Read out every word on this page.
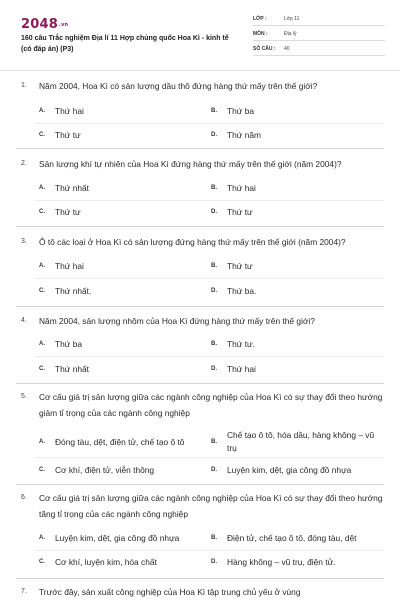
2048.vn
160 câu Trắc nghiệm Địa lí 11 Hợp chủng quốc Hoa Kì - kinh tế (có đáp án) (P3)
LỚP :	Lớp 11
MÔN :	Địa lý
SỐ CÂU : 40
1. Năm 2004, Hoa Kì có sản lượng dầu thô đứng hàng thứ mấy trên thế giới?
A. Thứ hai	B. Thứ ba
C. Thứ tư	D. Thứ năm
2. Sản lượng khí tự nhiên của Hoa Kì đứng hàng thứ mấy trên thế giới (năm 2004)?
A. Thứ nhất	B. Thứ hai
C. Thứ tư	D. Thứ tư
3. Ô tô các loại ở Hoa Kì có sản lượng đứng hàng thứ mấy trên thế giới (năm 2004)?
A. Thứ hai	B. Thứ tư
C. Thứ nhất.	D. Thứ ba.
4. Năm 2004, sản lượng nhôm của Hoa Kì đứng hàng thứ mấy trên thế giới?
A. Thứ ba	B. Thứ tư.
C. Thứ nhất	D. Thứ hai
5. Cơ cấu giá trị sản lượng giữa các ngành công nghiệp của Hoa Kì có sự thay đổi theo hướng giảm tỉ trọng của các ngành công nghiệp
A. Đóng tàu, dệt, điện tử, chế tạo ô tô	B.
Chế tạo ô tô, hóa dầu, hàng không – vũ trụ
C. Cơ khí, điện tử, viễn thông	D. Luyện kim, dệt, gia công đồ nhựa
6. Cơ cấu giá trị sản lượng giữa các ngành công nghiệp của Hoa Kì có sự thay đổi theo hướng tăng tỉ trọng của các ngành công nghiệp
A. Luyện kim, dệt, gia công đồ nhựa	B. Điện tử, chế tạo ô tô, đóng tàu, dệt
C. Cơ khí, luyện kim, hóa chất	D. Hàng không – vũ trụ, điện tử.
7. Trước đây, sản xuất công nghiệp của Hoa Kì tập trung chủ yếu ở vùng
